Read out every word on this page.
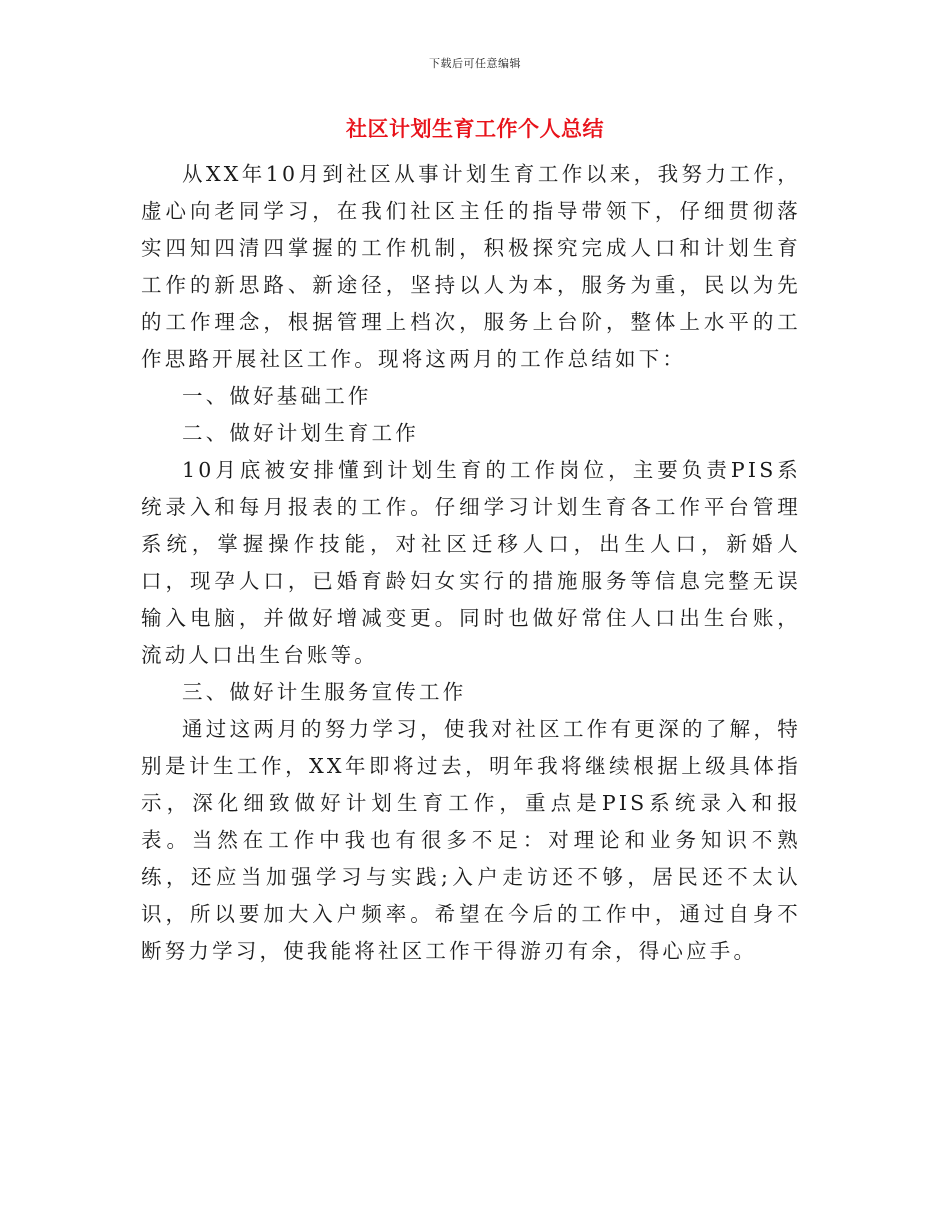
下载后可任意编辑
社区计划生育工作个人总结

从XX年10月到社区从事计划生育工作以来，我努力工作，虚心向老同学习，在我们社区主任的指导带领下，仔细贯彻落实四知四清四掌握的工作机制，积极探究完成人口和计划生育工作的新思路、新途径，坚持以人为本，服务为重，民以为先的工作理念，根据管理上档次，服务上台阶，整体上水平的工作思路开展社区工作。现将这两月的工作总结如下：

一、做好基础工作

二、做好计划生育工作

10月底被安排懂到计划生育的工作岗位，主要负责PIS系统录入和每月报表的工作。仔细学习计划生育各工作平台管理系统，掌握操作技能，对社区迁移人口，出生人口，新婚人口，现孕人口，已婚育龄妇女实行的措施服务等信息完整无误输入电脑，并做好增减变更。同时也做好常住人口出生台账，流动人口出生台账等。

三、做好计生服务宣传工作

通过这两月的努力学习，使我对社区工作有更深的了解，特别是计生工作，XX年即将过去，明年我将继续根据上级具体指示，深化细致做好计划生育工作，重点是PIS系统录入和报表。当然在工作中我也有很多不足：对理论和业务知识不熟练，还应当加强学习与实践;入户走访还不够，居民还不太认识，所以要加大入户频率。希望在今后的工作中，通过自身不断努力学习，使我能将社区工作干得游刃有余，得心应手。
